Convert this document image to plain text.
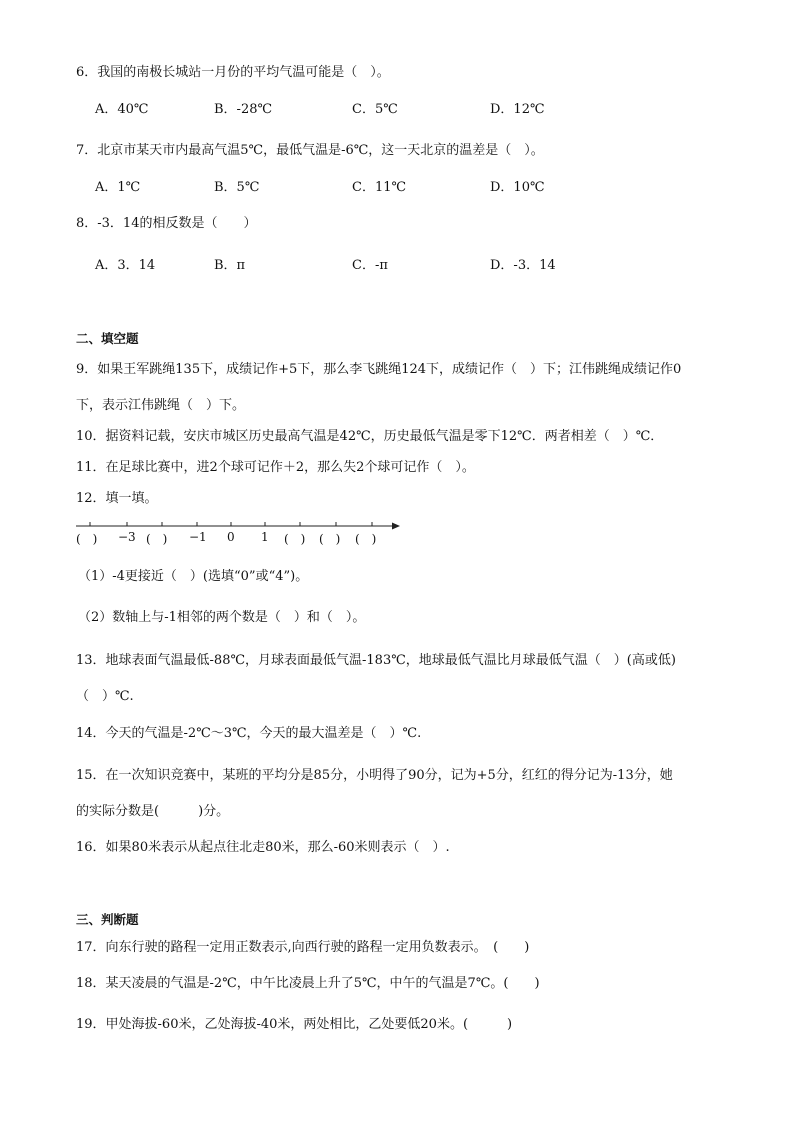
6．我国的南极长城站一月份的平均气温可能是（　）。
A．40℃	B．-28℃	C．5℃	D．12℃
7．北京市某天市内最高气温5℃，最低气温是-6℃，这一天北京的温差是（　）。
A．1℃	B．5℃	C．11℃	D．10℃
8．-3．14的相反数是（　　）
A．3．14	B．π	C．-π	D．-3．14
二、填空题
9．如果王军跳绳135下，成绩记作+5下，那么李飞跳绳124下，成绩记作（　）下；江伟跳绳成绩记作0
下，表示江伟跳绳（　）下。
10．据资料记载，安庆市城区历史最高气温是42℃，历史最低气温是零下12℃．两者相差（　）℃．
11．在足球比赛中，进2个球可记作＋2，那么失2个球可记作（　）。
12．填一填。
(　) −3 (　) −1 0 1 (　) (　) (　)
（1）-4更接近（　）(选填“0”或“4”)。
（2）数轴上与-1相邻的两个数是（　）和（　）。
13．地球表面气温最低-88℃，月球表面最低气温-183℃，地球最低气温比月球最低气温（　）(高或低)
（　）℃.
14．今天的气温是-2℃～3℃，今天的最大温差是（　）℃.
15．在一次知识竞赛中，某班的平均分是85分，小明得了90分，记为+5分，红红的得分记为-13分，她
的实际分数是(　　　)分。
16．如果80米表示从起点往北走80米，那么-60米则表示（　）.
三、判断题
17．向东行驶的路程一定用正数表示,向西行驶的路程一定用负数表示。　(　　)
18．某天凌晨的气温是-2℃，中午比凌晨上升了5℃，中午的气温是7℃。(　　)
19．甲处海拔-60米，乙处海拔-40米，两处相比，乙处要低20米。(　　　)
